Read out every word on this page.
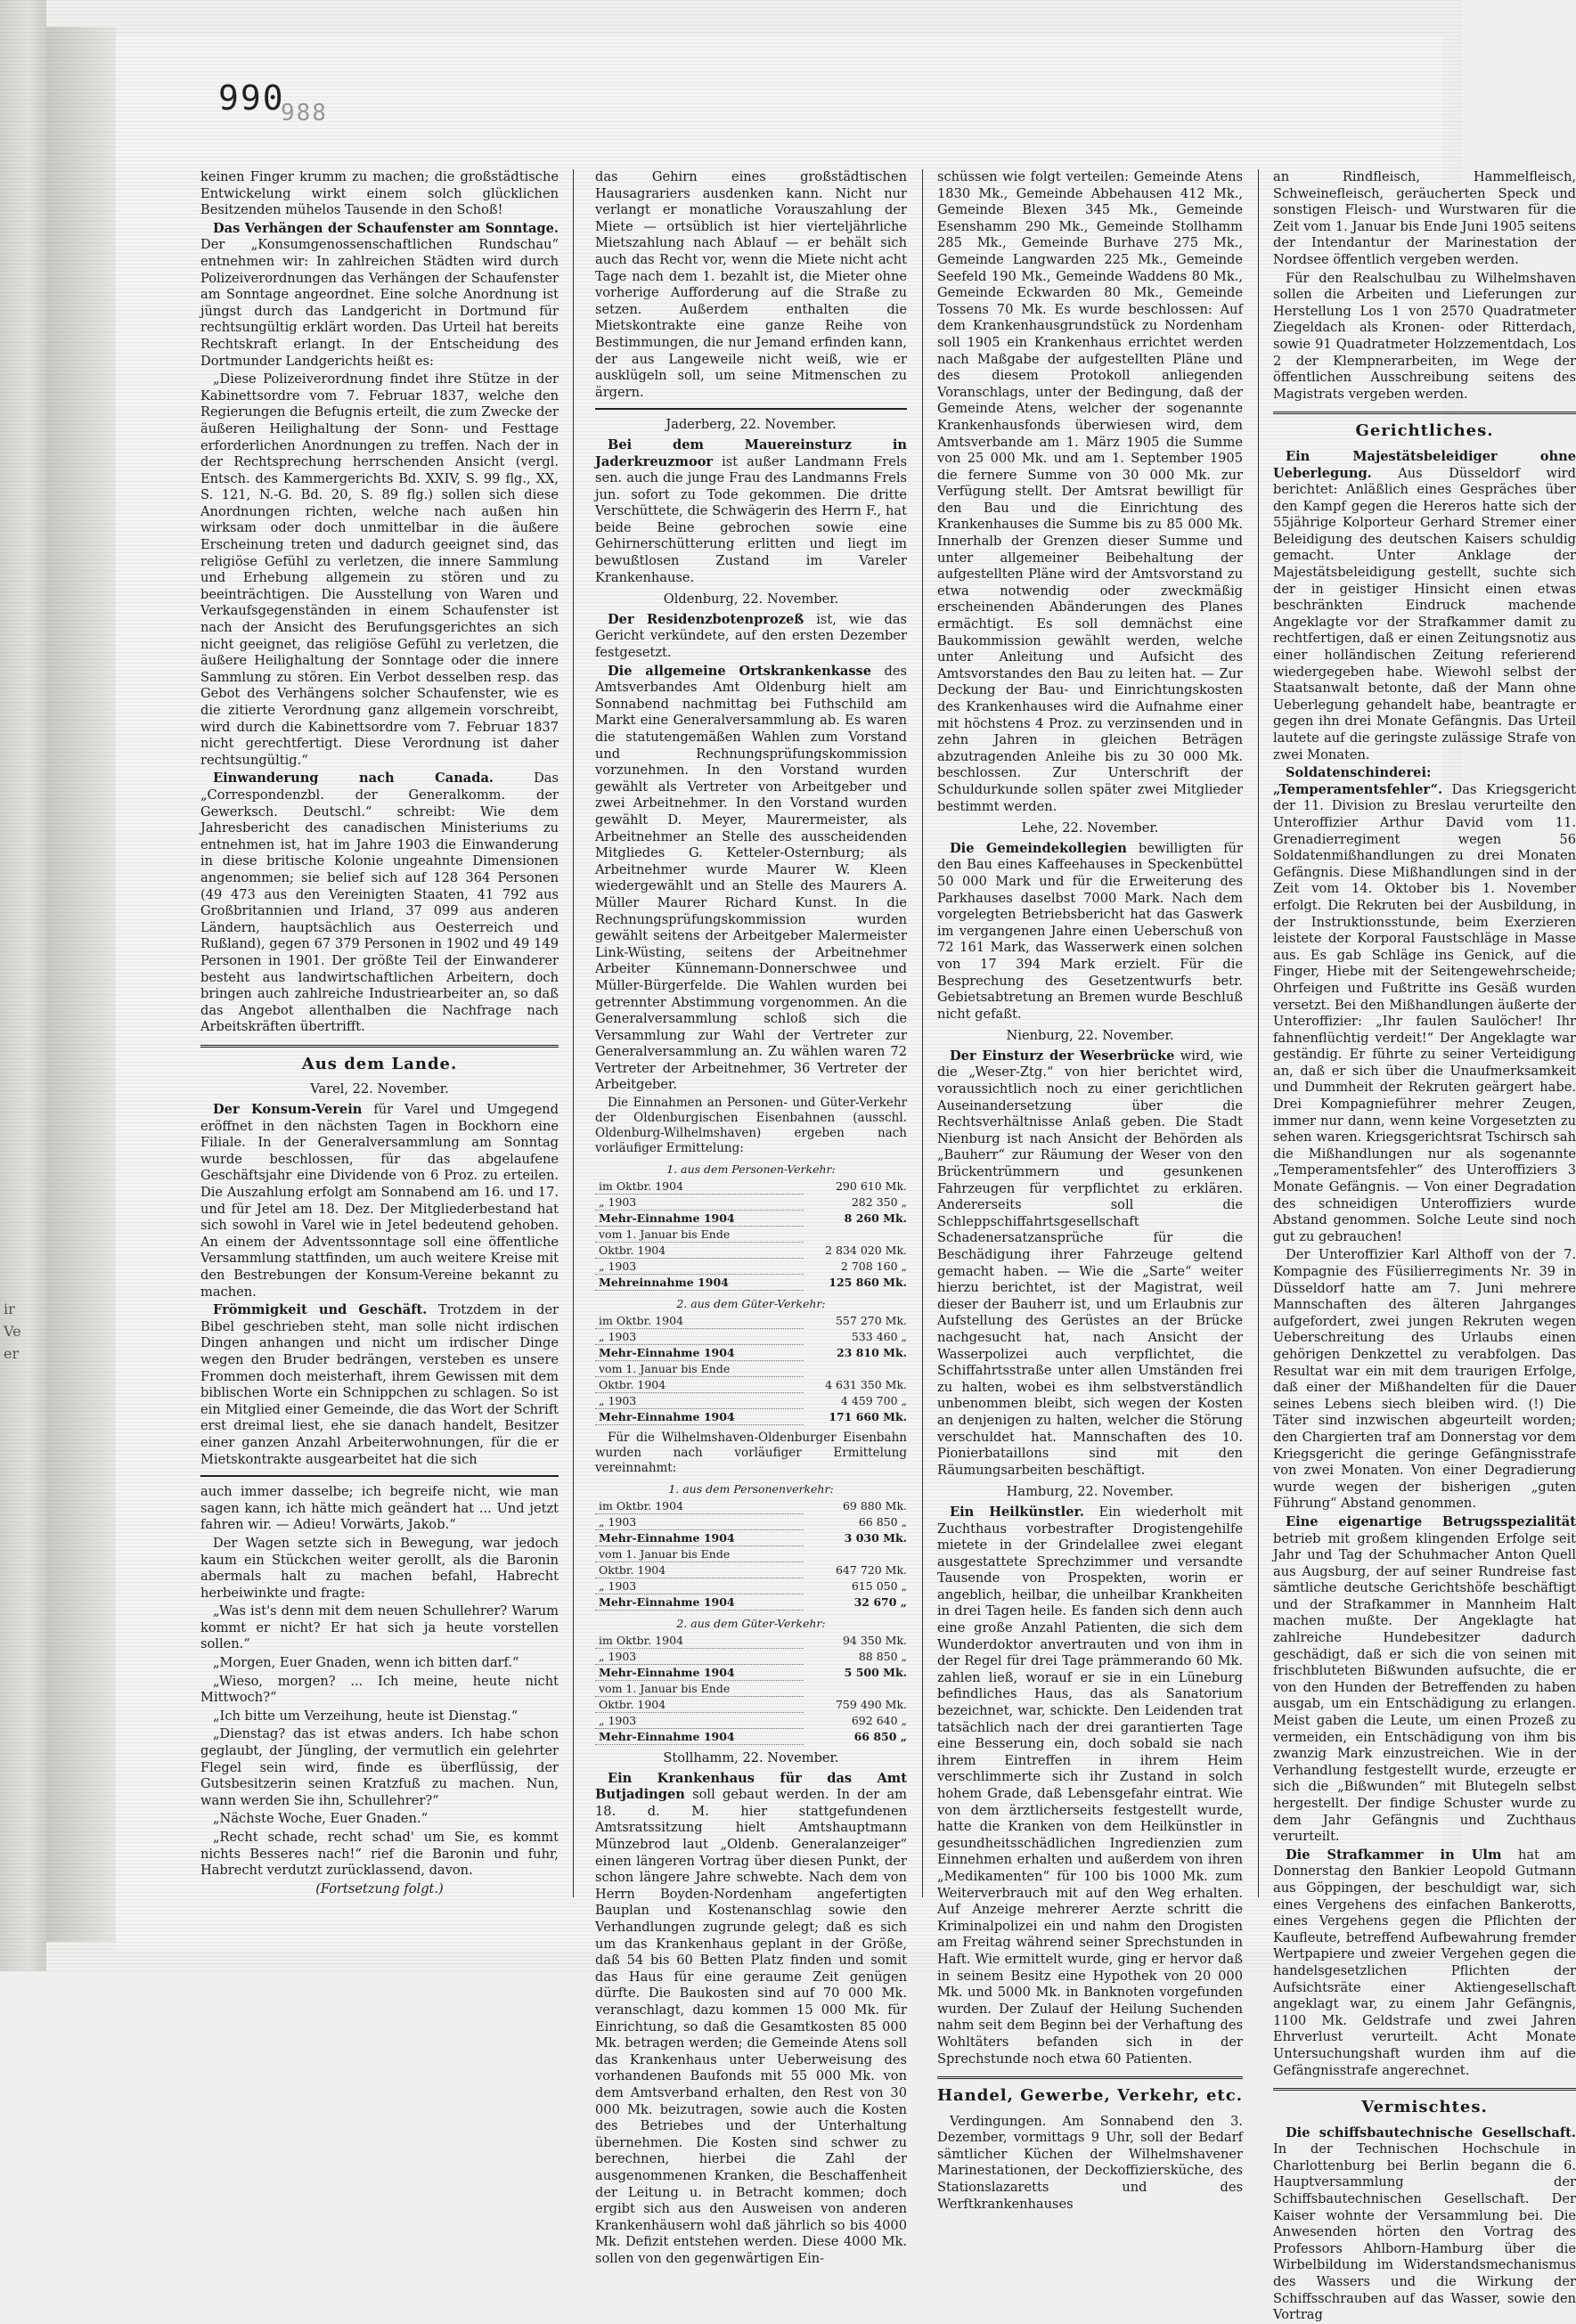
ir
Ve
er
990
988

keinen Finger krumm zu machen; die großstädtische Entwickelung wirkt einem solch glücklichen Besitzenden mühelos Tausende in den Schoß!

Das Verhängen der Schaufenster am Sonntage. Der „Konsumgenossenschaftlichen Rundschau“ entnehmen wir: In zahlreichen Städten wird durch Polizeiverordnungen das Verhängen der Schaufenster am Sonntage angeordnet. Eine solche Anordnung ist jüngst durch das Landgericht in Dortmund für rechtsungültig erklärt worden. Das Urteil hat bereits Rechtskraft erlangt. In der Entscheidung des Dortmunder Landgerichts heißt es:

„Diese Polizeiverordnung findet ihre Stütze in der Kabinettsordre vom 7. Februar 1837, welche den Regierungen die Befugnis erteilt, die zum Zwecke der äußeren Heilighaltung der Sonn- und Festtage erforderlichen Anordnungen zu treffen. Nach der in der Rechtsprechung herrschenden Ansicht (vergl. Entsch. des Kammergerichts Bd. XXIV, S. 99 flg., XX, S. 121, N.-G. Bd. 20, S. 89 flg.) sollen sich diese Anordnungen richten, welche nach außen hin wirksam oder doch unmittelbar in die äußere Erscheinung treten und dadurch geeignet sind, das religiöse Gefühl zu verletzen, die innere Sammlung und Erhebung allgemein zu stören und zu beeinträchtigen. Die Ausstellung von Waren und Verkaufsgegenständen in einem Schaufenster ist nach der Ansicht des Berufungsgerichtes an sich nicht geeignet, das religiöse Gefühl zu verletzen, die äußere Heilighaltung der Sonntage oder die innere Sammlung zu stören. Ein Verbot desselben resp. das Gebot des Verhängens solcher Schaufenster, wie es die zitierte Verordnung ganz allgemein vorschreibt, wird durch die Kabinettsordre vom 7. Februar 1837 nicht gerechtfertigt. Diese Verordnung ist daher rechtsungültig.“

Einwanderung nach Canada.	Das „Correspondenzbl. der Generalkomm. der Gewerksch. Deutschl.“ schreibt: Wie dem Jahresbericht des canadischen Ministeriums zu entnehmen ist, hat im Jahre 1903 die Einwanderung in diese britische Kolonie ungeahnte Dimensionen angenommen; sie belief sich auf 128 364 Personen (49 473 aus den Vereinigten Staaten, 41 792 aus Großbritannien und Irland, 37 099 aus anderen Ländern, hauptsächlich aus Oesterreich und Rußland), gegen 67 379 Personen in 1902 und 49 149 Personen in 1901. Der größte Teil der Einwanderer besteht aus landwirtschaftlichen Arbeitern, doch bringen auch zahlreiche Industriearbeiter an, so daß das Angebot allenthalben die Nachfrage nach Arbeitskräften übertrifft.

Aus dem Lande.

Varel, 22. November.

Der Konsum-Verein für Varel und Umgegend eröffnet in den nächsten Tagen in Bockhorn eine Filiale. In der Generalversammlung am Sonntag wurde beschlossen, für das abgelaufene Geschäftsjahr eine Dividende von 6 Proz. zu erteilen. Die Auszahlung erfolgt am Sonnabend am 16. und 17. und für Jetel am 18. Dez. Der Mitgliederbestand hat sich sowohl in Varel wie in Jetel bedeutend gehoben. An einem der Adventssonntage soll eine öffentliche Versammlung stattfinden, um auch weitere Kreise mit den Bestrebungen der Konsum-Vereine bekannt zu machen.

Frömmigkeit und Geschäft. Trotzdem in der Bibel geschrieben steht, man solle nicht irdischen Dingen anhangen und nicht um irdischer Dinge wegen den Bruder bedrängen, versteben es unsere Frommen doch meisterhaft, ihrem Gewissen mit dem biblischen Worte ein Schnippchen zu schlagen. So ist ein Mitglied einer Gemeinde, die das Wort der Schrift erst dreimal liest, ehe sie danach handelt, Besitzer einer ganzen Anzahl Arbeiterwohnungen, für die er Mietskontrakte ausgearbeitet hat die sich

auch immer dasselbe; ich begreife nicht, wie man sagen kann, ich hätte mich geändert hat ... Und jetzt fahren wir. — Adieu! Vorwärts, Jakob.“

Der Wagen setzte sich in Bewegung, war jedoch kaum ein Stückchen weiter gerollt, als die Baronin abermals halt zu machen befahl, Habrecht herbeiwinkte und fragte:

„Was ist's denn mit dem neuen Schullehrer? Warum kommt er nicht? Er hat sich ja heute vorstellen sollen.“

„Morgen, Euer Gnaden, wenn ich bitten darf.“

„Wieso, morgen? ... Ich meine, heute nicht Mittwoch?“

„Ich bitte um Verzeihung, heute ist Dienstag.“

„Dienstag? das ist etwas anders. Ich habe schon geglaubt, der Jüngling, der vermutlich ein gelehrter Flegel sein wird, finde es überflüssig, der Gutsbesitzerin seinen Kratzfuß zu machen. Nun, wann werden Sie ihn, Schullehrer?“

„Nächste Woche, Euer Gnaden.“

„Recht schade, recht schad' um Sie, es kommt nichts Besseres nach!“ rief die Baronin und fuhr, Habrecht verdutzt zurücklassend, davon.

(Fortsetzung folgt.)

das Gehirn eines großstädtischen Hausagrariers ausdenken kann. Nicht nur verlangt er monatliche Vorauszahlung der Miete — ortsüblich ist hier vierteljährliche Mietszahlung nach Ablauf — er behält sich auch das Recht vor, wenn die Miete nicht acht Tage nach dem 1. bezahlt ist, die Mieter ohne vorherige Aufforderung auf die Straße zu setzen. Außerdem enthalten die Mietskontrakte eine ganze Reihe von Bestimmungen, die nur Jemand erfinden kann, der aus Langeweile nicht weiß, wie er ausklügeln soll, um seine Mitmenschen zu ärgern.

Jaderberg, 22. November.

Bei dem Mauereinsturz in Jaderkreuzmoor ist außer Landmann Frels sen. auch die junge Frau des Landmanns Frels jun. sofort zu Tode gekommen. Die dritte Verschüttete, die Schwägerin des Herrn F., hat beide Beine gebrochen sowie eine Gehirnerschütterung erlitten und liegt im bewußtlosen Zustand im Vareler Krankenhause.

Oldenburg, 22. November.

Der Residenzbotenprozeß ist, wie das Gericht verkündete, auf den ersten Dezember festgesetzt.

Die allgemeine Ortskrankenkasse des Amtsverbandes Amt Oldenburg hielt am Sonnabend nachmittag bei Futhschild am Markt eine Generalversammlung ab. Es waren die statutengemäßen Wahlen zum Vorstand und Rechnungsprüfungskommission vorzunehmen. In den Vorstand wurden gewählt als Vertreter von Arbeitgeber und zwei Arbeitnehmer. In den Vorstand wurden gewählt D. Meyer, Maurermeister, als Arbeitnehmer an Stelle des ausscheidenden Mitgliedes G. Ketteler-Osternburg; als Arbeitnehmer wurde Maurer W. Kleen wiedergewählt und an Stelle des Maurers A. Müller Maurer Richard Kunst. In die Rechnungsprüfungskommission wurden gewählt seitens der Arbeitgeber Malermeister Link-Wüsting, seitens der Arbeitnehmer Arbeiter Künnemann-Donnerschwee und Müller-Bürgerfelde. Die Wahlen wurden bei getrennter Abstimmung vorgenommen. An die Generalversammlung schloß sich die Versammlung zur Wahl der Vertreter zur Generalversammlung an. Zu wählen waren 72 Vertreter der Arbeitnehmer, 36 Vertreter der Arbeitgeber.

Die Einnahmen an Personen- und Güter-Verkehr der Oldenburgischen Eisenbahnen (ausschl. Oldenburg-Wilhelmshaven) ergeben nach vorläufiger Ermittelung:

1. aus dem Personen-Verkehr:
im Oktbr. 1904	290 610 Mk.
„ 1903	282 350 „
Mehr-Einnahme 1904	8 260 Mk.
vom 1. Januar bis Ende
Oktbr. 1904	2 834 020 Mk.
„ 1903	2 708 160 „
Mehreinnahme 1904	125 860 Mk.
2. aus dem Güter-Verkehr:
im Oktbr. 1904	557 270 Mk.
„ 1903	533 460 „
Mehr-Einnahme 1904	23 810 Mk.
vom 1. Januar bis Ende
Oktbr. 1904	4 631 350 Mk.
„ 1903	4 459 700 „
Mehr-Einnahme 1904	171 660 Mk.

Für die Wilhelmshaven-Oldenburger Eisenbahn wurden nach vorläufiger Ermittelung vereinnahmt:

1. aus dem Personenverkehr:
im Oktbr. 1904	69 880 Mk.
„ 1903	66 850 „
Mehr-Einnahme 1904	3 030 Mk.
vom 1. Januar bis Ende
Oktbr. 1904	647 720 Mk.
„ 1903	615 050 „
Mehr-Einnahme 1904	32 670 „
2. aus dem Güter-Verkehr:
im Oktbr. 1904	94 350 Mk.
„ 1903	88 850 „
Mehr-Einnahme 1904	5 500 Mk.
vom 1. Januar bis Ende
Oktbr. 1904	759 490 Mk.
„ 1903	692 640 „
Mehr-Einnahme 1904	66 850 „

Stollhamm, 22. November.

Ein Krankenhaus für das Amt Butjadingen soll gebaut werden. In der am 18. d. M. hier stattgefundenen Amtsratssitzung hielt Amtshauptmann Münzebrod laut „Oldenb. Generalanzeiger“ einen längeren Vortrag über diesen Punkt, der schon längere Jahre schwebte. Nach dem von Herrn Boyden-Nordenham angefertigten Bauplan und Kostenanschlag sowie den Verhandlungen zugrunde gelegt; daß es sich um das Krankenhaus geplant in der Größe, daß 54 bis 60 Betten Platz finden und somit das Haus für eine geraume Zeit genügen dürfte. Die Baukosten sind auf 70 000 Mk. veranschlagt, dazu kommen 15 000 Mk. für Einrichtung, so daß die Gesamtkosten 85 000 Mk. betragen werden; die Gemeinde Atens soll das Krankenhaus unter Ueberweisung des vorhandenen Baufonds mit 55 000 Mk. von dem Amtsverband erhalten, den Rest von 30 000 Mk. beizutragen, sowie auch die Kosten des Betriebes und der Unterhaltung übernehmen. Die Kosten sind schwer zu berechnen, hierbei die Zahl der ausgenommenen Kranken, die Beschaffenheit der Leitung u. in Betracht kommen; doch ergibt sich aus den Ausweisen von anderen Krankenhäusern wohl daß jährlich so bis 4000 Mk. Defizit entstehen werden. Diese 4000 Mk. sollen von den gegenwärtigen Ein-

schüssen wie folgt verteilen: Gemeinde Atens 1830 Mk., Gemeinde Abbehausen 412 Mk., Gemeinde Blexen 345 Mk., Gemeinde Esenshamm 290 Mk., Gemeinde Stollhamm 285 Mk., Gemeinde Burhave 275 Mk., Gemeinde Langwarden 225 Mk., Gemeinde Seefeld 190 Mk., Gemeinde Waddens 80 Mk., Gemeinde Eckwarden 80 Mk., Gemeinde Tossens 70 Mk. Es wurde beschlossen: Auf dem Krankenhausgrundstück zu Nordenham soll 1905 ein Krankenhaus errichtet werden nach Maßgabe der aufgestellten Pläne und des diesem Protokoll anliegenden Voranschlags, unter der Bedingung, daß der Gemeinde Atens, welcher der sogenannte Krankenhausfonds überwiesen wird, dem Amtsverbande am 1. März 1905 die Summe von 25 000 Mk. und am 1. September 1905 die fernere Summe von 30 000 Mk. zur Verfügung stellt. Der Amtsrat bewilligt für den Bau und die Einrichtung des Krankenhauses die Summe bis zu 85 000 Mk. Innerhalb der Grenzen dieser Summe und unter allgemeiner Beibehaltung der aufgestellten Pläne wird der Amtsvorstand zu etwa notwendig oder zweckmäßig erscheinenden Abänderungen des Planes ermächtigt. Es soll demnächst eine Baukommission gewählt werden, welche unter Anleitung und Aufsicht des Amtsvorstandes den Bau zu leiten hat. — Zur Deckung der Bau- und Einrichtungskosten des Krankenhauses wird die Aufnahme einer mit höchstens 4 Proz. zu verzinsenden und in zehn Jahren in gleichen Beträgen abzutragenden Anleihe bis zu 30 000 Mk. beschlossen. Zur Unterschrift der Schuldurkunde sollen später zwei Mitglieder bestimmt werden.

Lehe, 22. November.

Die Gemeindekollegien bewilligten für den Bau eines Kaffeehauses in Speckenbüttel 50 000 Mark und für die Erweiterung des Parkhauses daselbst 7000 Mark. Nach dem vorgelegten Betriebsbericht hat das Gaswerk im vergangenen Jahre einen Ueberschuß von 72 161 Mark, das Wasserwerk einen solchen von 17 394 Mark erzielt. Für die Besprechung des Gesetzentwurfs betr. Gebietsabtretung an Bremen wurde Beschluß nicht gefaßt.

Nienburg, 22. November.

Der Einsturz der Weserbrücke wird, wie die „Weser-Ztg.“ von hier berichtet wird, voraussichtlich noch zu einer gerichtlichen Auseinandersetzung über die Rechtsverhältnisse Anlaß geben. Die Stadt Nienburg ist nach Ansicht der Behörden als „Bauherr“ zur Räumung der Weser von den Brückentrümmern und gesunkenen Fahrzeugen für verpflichtet zu erklären. Andererseits soll die Schleppschiffahrtsgesellschaft Schadenersatzansprüche für die Beschädigung ihrer Fahrzeuge geltend gemacht haben. — Wie die „Sarte“ weiter hierzu berichtet, ist der Magistrat, weil dieser der Bauherr ist, und um Erlaubnis zur Aufstellung des Gerüstes an der Brücke nachgesucht hat, nach Ansicht der Wasserpolizei auch verpflichtet, die Schiffahrtsstraße unter allen Umständen frei zu halten, wobei es ihm selbstverständlich unbenommen bleibt, sich wegen der Kosten an denjenigen zu halten, welcher die Störung verschuldet hat. Mannschaften des 10. Pionierbataillons sind mit den Räumungsarbeiten beschäftigt.

Hamburg, 22. November.

Ein Heilkünstler. Ein wiederholt mit Zuchthaus vorbestrafter Drogistengehilfe mietete in der Grindelallee zwei elegant ausgestattete Sprechzimmer und versandte Tausende von Prospekten, worin er angeblich, heilbar, die unheilbar Krankheiten in drei Tagen heile. Es fanden sich denn auch eine große Anzahl Patienten, die sich dem Wunderdoktor anvertrauten und von ihm in der Regel für drei Tage prämmerando 60 Mk. zahlen ließ, worauf er sie in ein Lüneburg befindliches Haus, das als Sanatorium bezeichnet, war, schickte. Den Leidenden trat tatsächlich nach der drei garantierten Tage eine Besserung ein, doch sobald sie nach ihrem Eintreffen in ihrem Heim verschlimmerte sich ihr Zustand in solch hohem Grade, daß Lebensgefahr eintrat. Wie von dem ärztlicherseits festgestellt wurde, hatte die Kranken von dem Heilkünstler in gesundheitsschädlichen Ingredienzien zum Einnehmen erhalten und außerdem von ihren „Medikamenten“ für 100 bis 1000 Mk. zum Weiterverbrauch mit auf den Weg erhalten. Auf Anzeige mehrerer Aerzte schritt die Kriminalpolizei ein und nahm den Drogisten am Freitag während seiner Sprechstunden in Haft. Wie ermittelt wurde, ging er hervor daß in seinem Besitz eine Hypothek von 20 000 Mk. und 5000 Mk. in Banknoten vorgefunden wurden. Der Zulauf der Heilung Suchenden nahm seit dem Beginn bei der Verhaftung des Wohltäters befanden sich in der Sprechstunde noch etwa 60 Patienten.

Handel, Gewerbe, Verkehr, etc.

Verdingungen. Am Sonnabend den 3. Dezember, vormittags 9 Uhr, soll der Bedarf sämtlicher Küchen der Wilhelmshavener Marinestationen, der Deckoffiziersküche, des Stationslazaretts und des Werftkrankenhauses

an Rindfleisch, Hammelfleisch, Schweinefleisch, geräucherten Speck und sonstigen Fleisch- und Wurstwaren für die Zeit vom 1. Januar bis Ende Juni 1905 seitens der Intendantur der Marinestation der Nordsee öffentlich vergeben werden.

Für den Realschulbau zu Wilhelmshaven sollen die Arbeiten und Lieferungen zur Herstellung Los 1 von 2570 Quadratmeter Ziegeldach als Kronen- oder Ritterdach, sowie 91 Quadratmeter Holzzementdach, Los 2 der Klempnerarbeiten, im Wege der öffentlichen Ausschreibung seitens des Magistrats vergeben werden.

Gerichtliches.

Ein Majestätsbeleidiger ohne Ueberlegung. Aus Düsseldorf wird berichtet: Anläßlich eines Gespräches über den Kampf gegen die Hereros hatte sich der 55jährige Kolporteur Gerhard Stremer einer Beleidigung des deutschen Kaisers schuldig gemacht. Unter Anklage der Majestätsbeleidigung gestellt, suchte sich der in geistiger Hinsicht einen etwas beschränkten Eindruck machende Angeklagte vor der Strafkammer damit zu rechtfertigen, daß er einen Zeitungsnotiz aus einer holländischen Zeitung referierend wiedergegeben habe. Wiewohl selbst der Staatsanwalt betonte, daß der Mann ohne Ueberlegung gehandelt habe, beantragte er gegen ihn drei Monate Gefängnis. Das Urteil lautete auf die geringste zulässige Strafe von zwei Monaten.

Soldatenschinderei: „Temperamentsfehler“. Das Kriegsgericht der 11. Division zu Breslau verurteilte den Unteroffizier Arthur David vom 11. Grenadierregiment wegen 56 Soldatenmißhandlungen zu drei Monaten Gefängnis. Diese Mißhandlungen sind in der Zeit vom 14. Oktober bis 1. November erfolgt. Die Rekruten bei der Ausbildung, in der Instruktionsstunde, beim Exerzieren leistete der Korporal Faustschläge in Masse aus. Es gab Schläge ins Genick, auf die Finger, Hiebe mit der Seitengewehrscheide; Ohrfeigen und Fußtritte ins Gesäß wurden versetzt. Bei den Mißhandlungen äußerte der Unteroffizier: „Ihr faulen Saulöcher! Ihr fahnenflüchtig verdeit!“ Der Angeklagte war geständig. Er führte zu seiner Verteidigung an, daß er sich über die Unaufmerksamkeit und Dummheit der Rekruten geärgert habe. Drei Kompagnieführer mehrer Zeugen, immer nur dann, wenn keine Vorgesetzten zu sehen waren. Kriegsgerichtsrat Tschirsch sah die Mißhandlungen nur als sogenannte „Temperamentsfehler“ des Unteroffiziers 3 Monate Gefängnis. — Von einer Degradation des schneidigen Unteroffiziers wurde Abstand genommen. Solche Leute sind noch gut zu gebrauchen!

Der Unteroffizier Karl Althoff von der 7. Kompagnie des Füsilierregiments Nr. 39 in Düsseldorf hatte am 7. Juni mehrere Mannschaften des älteren Jahrganges aufgefordert, zwei jungen Rekruten wegen Ueberschreitung des Urlaubs einen gehörigen Denkzettel zu verabfolgen. Das Resultat war ein mit dem traurigen Erfolge, daß einer der Mißhandelten für die Dauer seines Lebens siech bleiben wird. (!) Die Täter sind inzwischen abgeurteilt worden; den Chargierten traf am Donnerstag vor dem Kriegsgericht die geringe Gefängnisstrafe von zwei Monaten. Von einer Degradierung wurde wegen der bisherigen „guten Führung“ Abstand genommen.

Eine eigenartige Betrugsspezialität betrieb mit großem klingenden Erfolge seit Jahr und Tag der Schuhmacher Anton Quell aus Augsburg, der auf seiner Rundreise fast sämtliche deutsche Gerichtshöfe beschäftigt und der Strafkammer in Mannheim Halt machen mußte. Der Angeklagte hat zahlreiche Hundebesitzer dadurch geschädigt, daß er sich die von seinen mit frischbluteten Bißwunden aufsuchte, die er von den Hunden der Betreffenden zu haben ausgab, um ein Entschädigung zu erlangen. Meist gaben die Leute, um einen Prozeß zu vermeiden, ein Entschädigung von ihm bis zwanzig Mark einzustreichen. Wie in der Verhandlung festgestellt wurde, erzeugte er sich die „Bißwunden“ mit Blutegeln selbst hergestellt. Der findige Schuster wurde zu dem Jahr Gefängnis und Zuchthaus verurteilt.

Die Strafkammer in Ulm hat am Donnerstag den Bankier Leopold Gutmann aus Göppingen, der beschuldigt war, sich eines Vergehens des einfachen Bankerotts, eines Vergehens gegen die Pflichten der Kaufleute, betreffend Aufbewahrung fremder Wertpapiere und zweier Vergehen gegen die handelsgesetzlichen Pflichten der Aufsichtsräte einer Aktiengesellschaft angeklagt war, zu einem Jahr Gefängnis, 1100 Mk. Geldstrafe und zwei Jahren Ehrverlust verurteilt. Acht Monate Untersuchungshaft wurden ihm auf die Gefängnisstrafe angerechnet.

Vermischtes.

Die schiffsbautechnische Gesellschaft. In der Technischen Hochschule in Charlottenburg bei Berlin begann die 6. Hauptversammlung der Schiffsbautechnischen Gesellschaft. Der Kaiser wohnte der Versammlung bei. Die Anwesenden hörten den Vortrag des Professors Ahlborn-Hamburg über die Wirbelbildung im Widerstandsmechanismus des Wassers und die Wirkung der Schiffsschrauben auf das Wasser, sowie den Vortrag
